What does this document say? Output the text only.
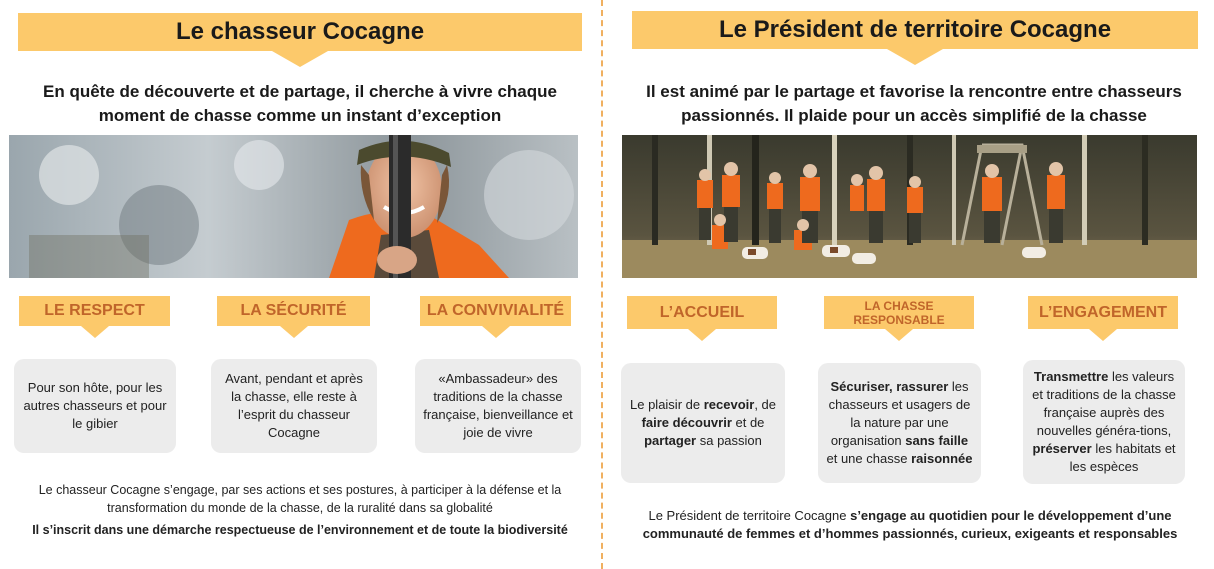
Le chasseur Cocagne
En quête de découverte et de partage, il cherche à vivre chaque
moment de chasse comme un instant d’exception
LE RESPECT
Pour son hôte, pour les autres chasseurs et pour le gibier
LA SÉCURITÉ
Avant, pendant et après la chasse, elle reste à l’esprit du chasseur Cocagne
LA CONVIVIALITÉ
«Ambassadeur» des traditions de la chasse française, bienveillance et joie de vivre
Le chasseur Cocagne s’engage, par ses actions et ses postures, à participer à la défense et la
transformation du monde de la chasse, de la ruralité dans sa globalité
Il s’inscrit dans une démarche respectueuse de l’environnement et de toute la biodiversité
Le Président de territoire Cocagne
Il est animé par le partage et favorise la rencontre entre chasseurs
passionnés. Il plaide pour un accès simplifié de la chasse
L’ACCUEIL
Le plaisir de recevoir, de faire découvrir et de partager sa passion
LA CHASSE
RESPONSABLE
Sécuriser, rassurer les chasseurs et usagers de la nature par une organisation sans faille et une chasse raisonnée
L’ENGAGEMENT
Transmettre les valeurs et traditions de la chasse française auprès des nouvelles généra-tions, préserver les habitats et les espèces
Le Président de territoire Cocagne s’engage au quotidien pour le développement d’une
communauté de femmes et d’hommes passionnés, curieux, exigeants et responsables
